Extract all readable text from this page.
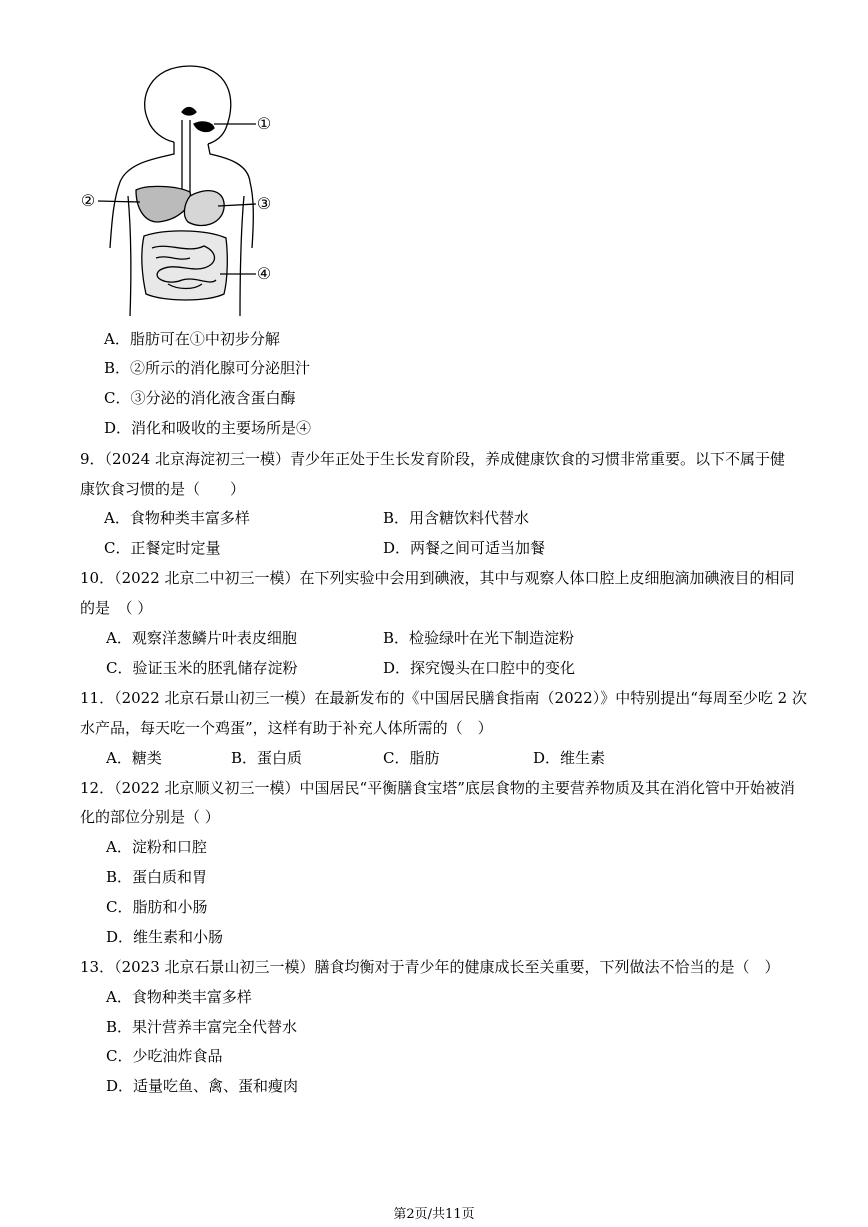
①
②	③
④
A．脂肪可在①中初步分解
B．②所示的消化腺可分泌胆汁
C．③分泌的消化液含蛋白酶
D．消化和吸收的主要场所是④
9．（2024 北京海淀初三一模）青少年正处于生长发育阶段，养成健康饮食的习惯非常重要。以下不属于健
康饮食习惯的是（　　）
A．食物种类丰富多样	B．用含糖饮料代替水
C．正餐定时定量	D．两餐之间可适当加餐
10．（2022 北京二中初三一模）在下列实验中会用到碘液，其中与观察人体口腔上皮细胞滴加碘液目的相同
的是　（ ）
A．观察洋葱鳞片叶表皮细胞	B．检验绿叶在光下制造淀粉
C．验证玉米的胚乳储存淀粉	D．探究馒头在口腔中的变化
11．（2022 北京石景山初三一模）在最新发布的《中国居民膳食指南（2022）》中特别提出“每周至少吃 2 次
水产品，每天吃一个鸡蛋”，这样有助于补充人体所需的（　）
A．糖类	B．蛋白质	C．脂肪	D．维生素
12．（2022 北京顺义初三一模）中国居民“平衡膳食宝塔”底层食物的主要营养物质及其在消化管中开始被消
化的部位分别是（ ）
A．淀粉和口腔
B．蛋白质和胃
C．脂肪和小肠
D．维生素和小肠
13．（2023 北京石景山初三一模）膳食均衡对于青少年的健康成长至关重要，下列做法不恰当的是（　）
A．食物种类丰富多样
B．果汁营养丰富完全代替水
C．少吃油炸食品
D．适量吃鱼、禽、蛋和瘦肉
第2页/共11页
